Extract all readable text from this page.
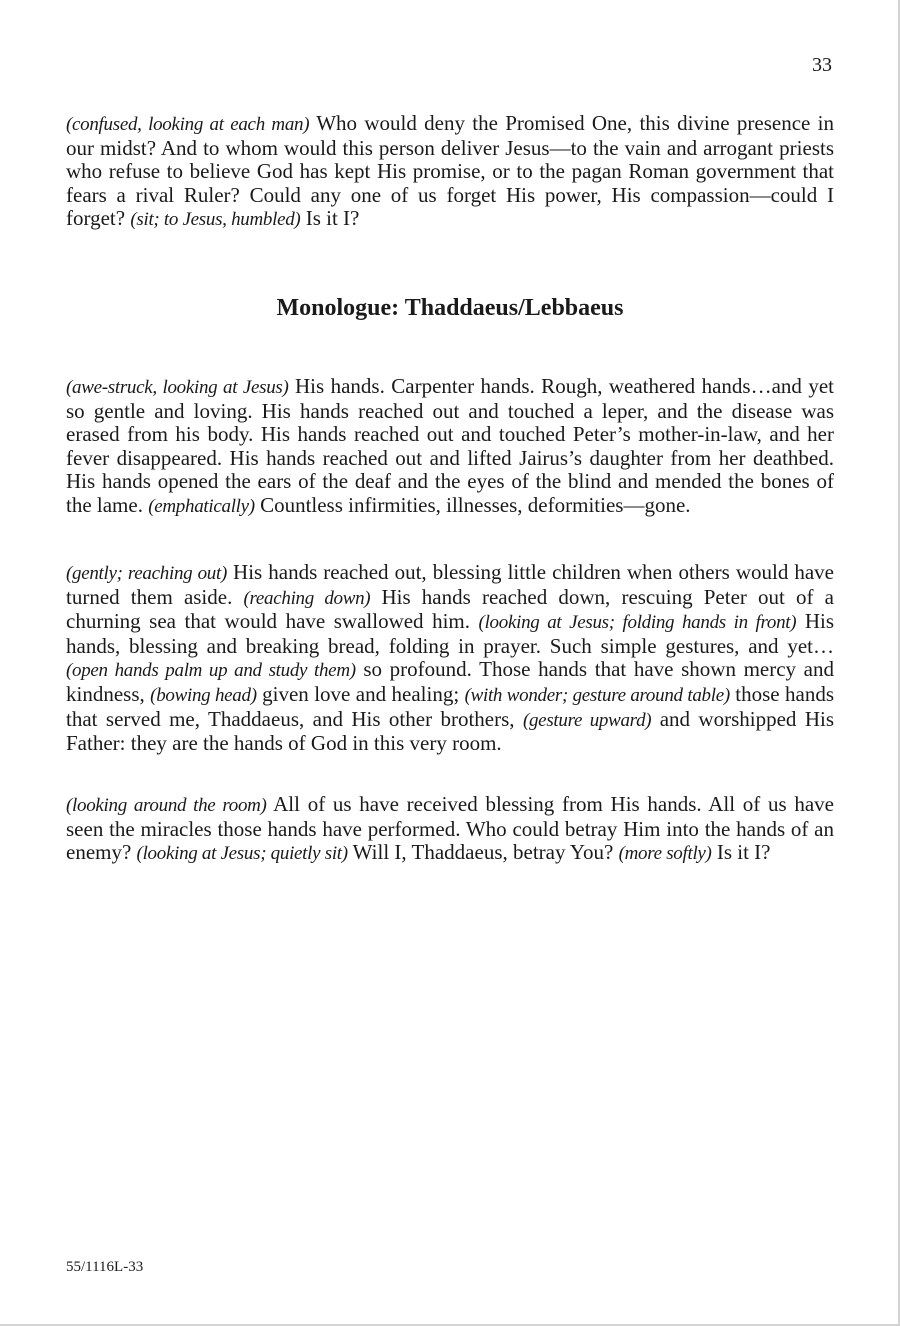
33

(confused, looking at each man) Who would deny the Promised One, this divine presence in our midst? And to whom would this person deliver Jesus—to the vain and arrogant priests who refuse to believe God has kept His promise, or to the pagan Roman government that fears a rival Ruler? Could any one of us forget His power, His compassion—could I forget? (sit; to Jesus, humbled) Is it I?

Monologue: Thaddaeus/Lebbaeus

(awe-struck, looking at Jesus) His hands. Carpenter hands. Rough, weathered hands…and yet so gentle and loving. His hands reached out and touched a leper, and the disease was erased from his body. His hands reached out and touched Peter’s mother-in-law, and her fever disappeared. His hands reached out and lifted Jairus’s daughter from her deathbed. His hands opened the ears of the deaf and the eyes of the blind and mended the bones of the lame. (emphatically) Countless infirmities, illnesses, deformities—gone.

(gently; reaching out) His hands reached out, blessing little children when others would have turned them aside. (reaching down) His hands reached down, rescuing Peter out of a churning sea that would have swallowed him. (looking at Jesus; folding hands in front) His hands, blessing and breaking bread, folding in prayer. Such simple gestures, and yet… (open hands palm up and study them) so profound. Those hands that have shown mercy and kindness, (bowing head) given love and healing; (with wonder; gesture around table) those hands that served me, Thaddaeus, and His other brothers, (gesture upward) and worshipped His Father: they are the hands of God in this very room.

(looking around the room) All of us have received blessing from His hands. All of us have seen the miracles those hands have performed. Who could betray Him into the hands of an enemy? (looking at Jesus; quietly sit) Will I, Thaddaeus, betray You? (more softly) Is it I?

55/1116L-33
